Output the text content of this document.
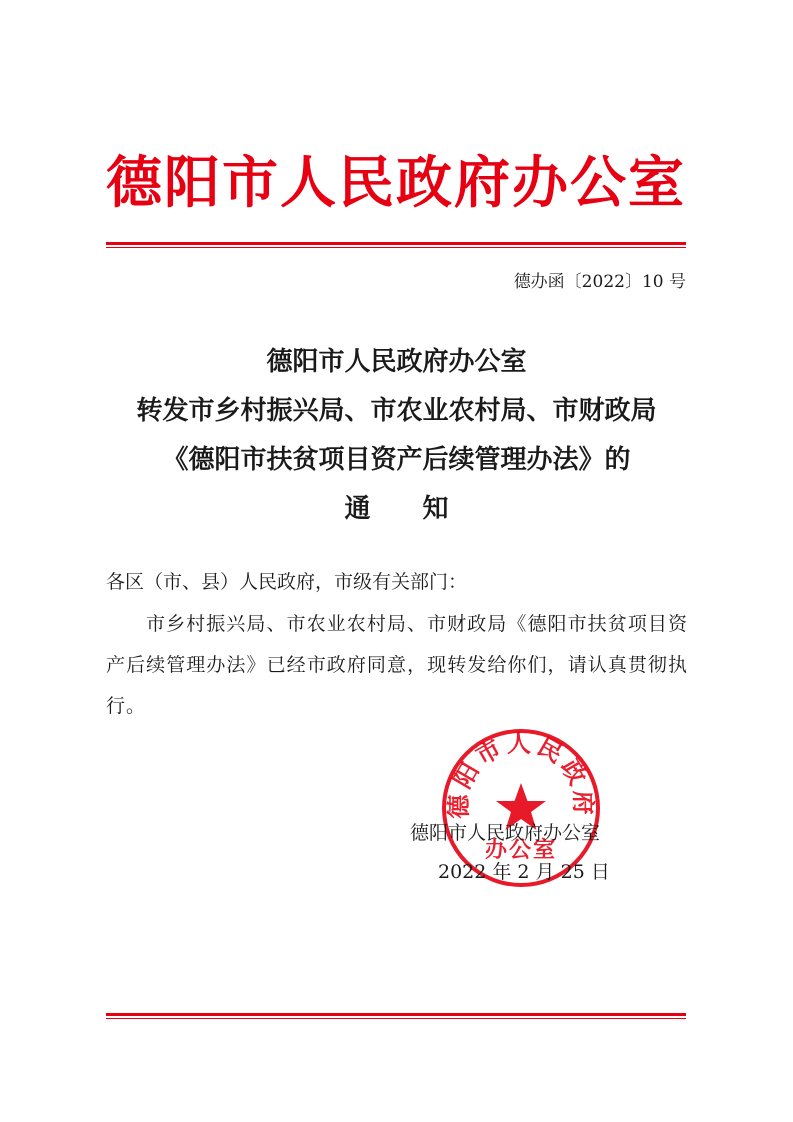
德阳市人民政府办公室
德办函〔2022〕10 号
德阳市人民政府办公室
转发市乡村振兴局、市农业农村局、市财政局
《德阳市扶贫项目资产后续管理办法》的
通知
各区（市、县）人民政府，市级有关部门：
市乡村振兴局、市农业农村局、市财政局《德阳市扶贫项目资产后续管理办法》已经市政府同意，现转发给你们，请认真贯彻执行。
德阳市人民政府
办公室
德阳市人民政府办公室
2022 年 2 月 25 日
